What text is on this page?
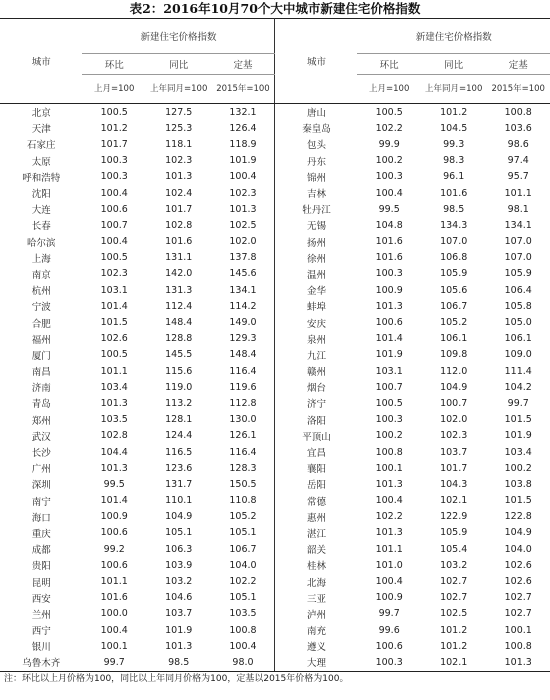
表2：2016年10月70个大中城市新建住宅价格指数
城市	新建住宅价格指数			城市	新建住宅价格指数		
	环比	同比	定基		环比	同比	定基
	上月=100	上年同月=100	2015年=100		上月=100	上年同月=100	2015年=100
北京	100.5	127.5	132.1	唐山	100.5	101.2	100.8
天津	101.2	125.3	126.4	秦皇岛	102.2	104.5	103.6
石家庄	101.7	118.1	118.9	包头	99.9	99.3	98.6
太原	100.3	102.3	101.9	丹东	100.2	98.3	97.4
呼和浩特	100.3	101.3	100.4	锦州	100.3	96.1	95.7
沈阳	100.4	102.4	102.3	吉林	100.4	101.6	101.1
大连	100.6	101.7	101.3	牡丹江	99.5	98.5	98.1
长春	100.7	102.8	102.5	无锡	104.8	134.3	134.1
哈尔滨	100.4	101.6	102.0	扬州	101.6	107.0	107.0
上海	100.5	131.1	137.8	徐州	101.6	106.8	107.0
南京	102.3	142.0	145.6	温州	100.3	105.9	105.9
杭州	103.1	131.3	134.1	金华	100.9	105.6	106.4
宁波	101.4	112.4	114.2	蚌埠	101.3	106.7	105.8
合肥	101.5	148.4	149.0	安庆	100.6	105.2	105.0
福州	102.6	128.8	129.3	泉州	101.4	106.1	106.1
厦门	100.5	145.5	148.4	九江	101.9	109.8	109.0
南昌	101.1	115.6	116.4	赣州	103.1	112.0	111.4
济南	103.4	119.0	119.6	烟台	100.7	104.9	104.2
青岛	101.3	113.2	112.8	济宁	100.5	100.7	99.7
郑州	103.5	128.1	130.0	洛阳	100.3	102.0	101.5
武汉	102.8	124.4	126.1	平顶山	100.2	102.3	101.9
长沙	104.4	116.5	116.4	宜昌	100.8	103.7	103.4
广州	101.3	123.6	128.3	襄阳	100.1	101.7	100.2
深圳	99.5	131.7	150.5	岳阳	101.3	104.3	103.8
南宁	101.4	110.1	110.8	常德	100.4	102.1	101.5
海口	100.9	104.9	105.2	惠州	102.2	122.9	122.8
重庆	100.6	105.1	105.1	湛江	101.3	105.9	104.9
成都	99.2	106.3	106.7	韶关	101.1	105.4	104.0
贵阳	100.6	103.9	104.0	桂林	101.0	103.2	102.6
昆明	101.1	103.2	102.2	北海	100.4	102.7	102.6
西安	101.6	104.6	105.1	三亚	100.9	102.7	102.7
兰州	100.0	103.7	103.5	泸州	99.7	102.5	102.7
西宁	100.4	101.9	100.8	南充	99.6	101.2	100.1
银川	100.1	101.3	100.4	遵义	100.6	101.2	100.8
乌鲁木齐	99.7	98.5	98.0	大理	100.3	102.1	101.3
注：环比以上月价格为100，同比以上年同月价格为100，定基以2015年价格为100。
